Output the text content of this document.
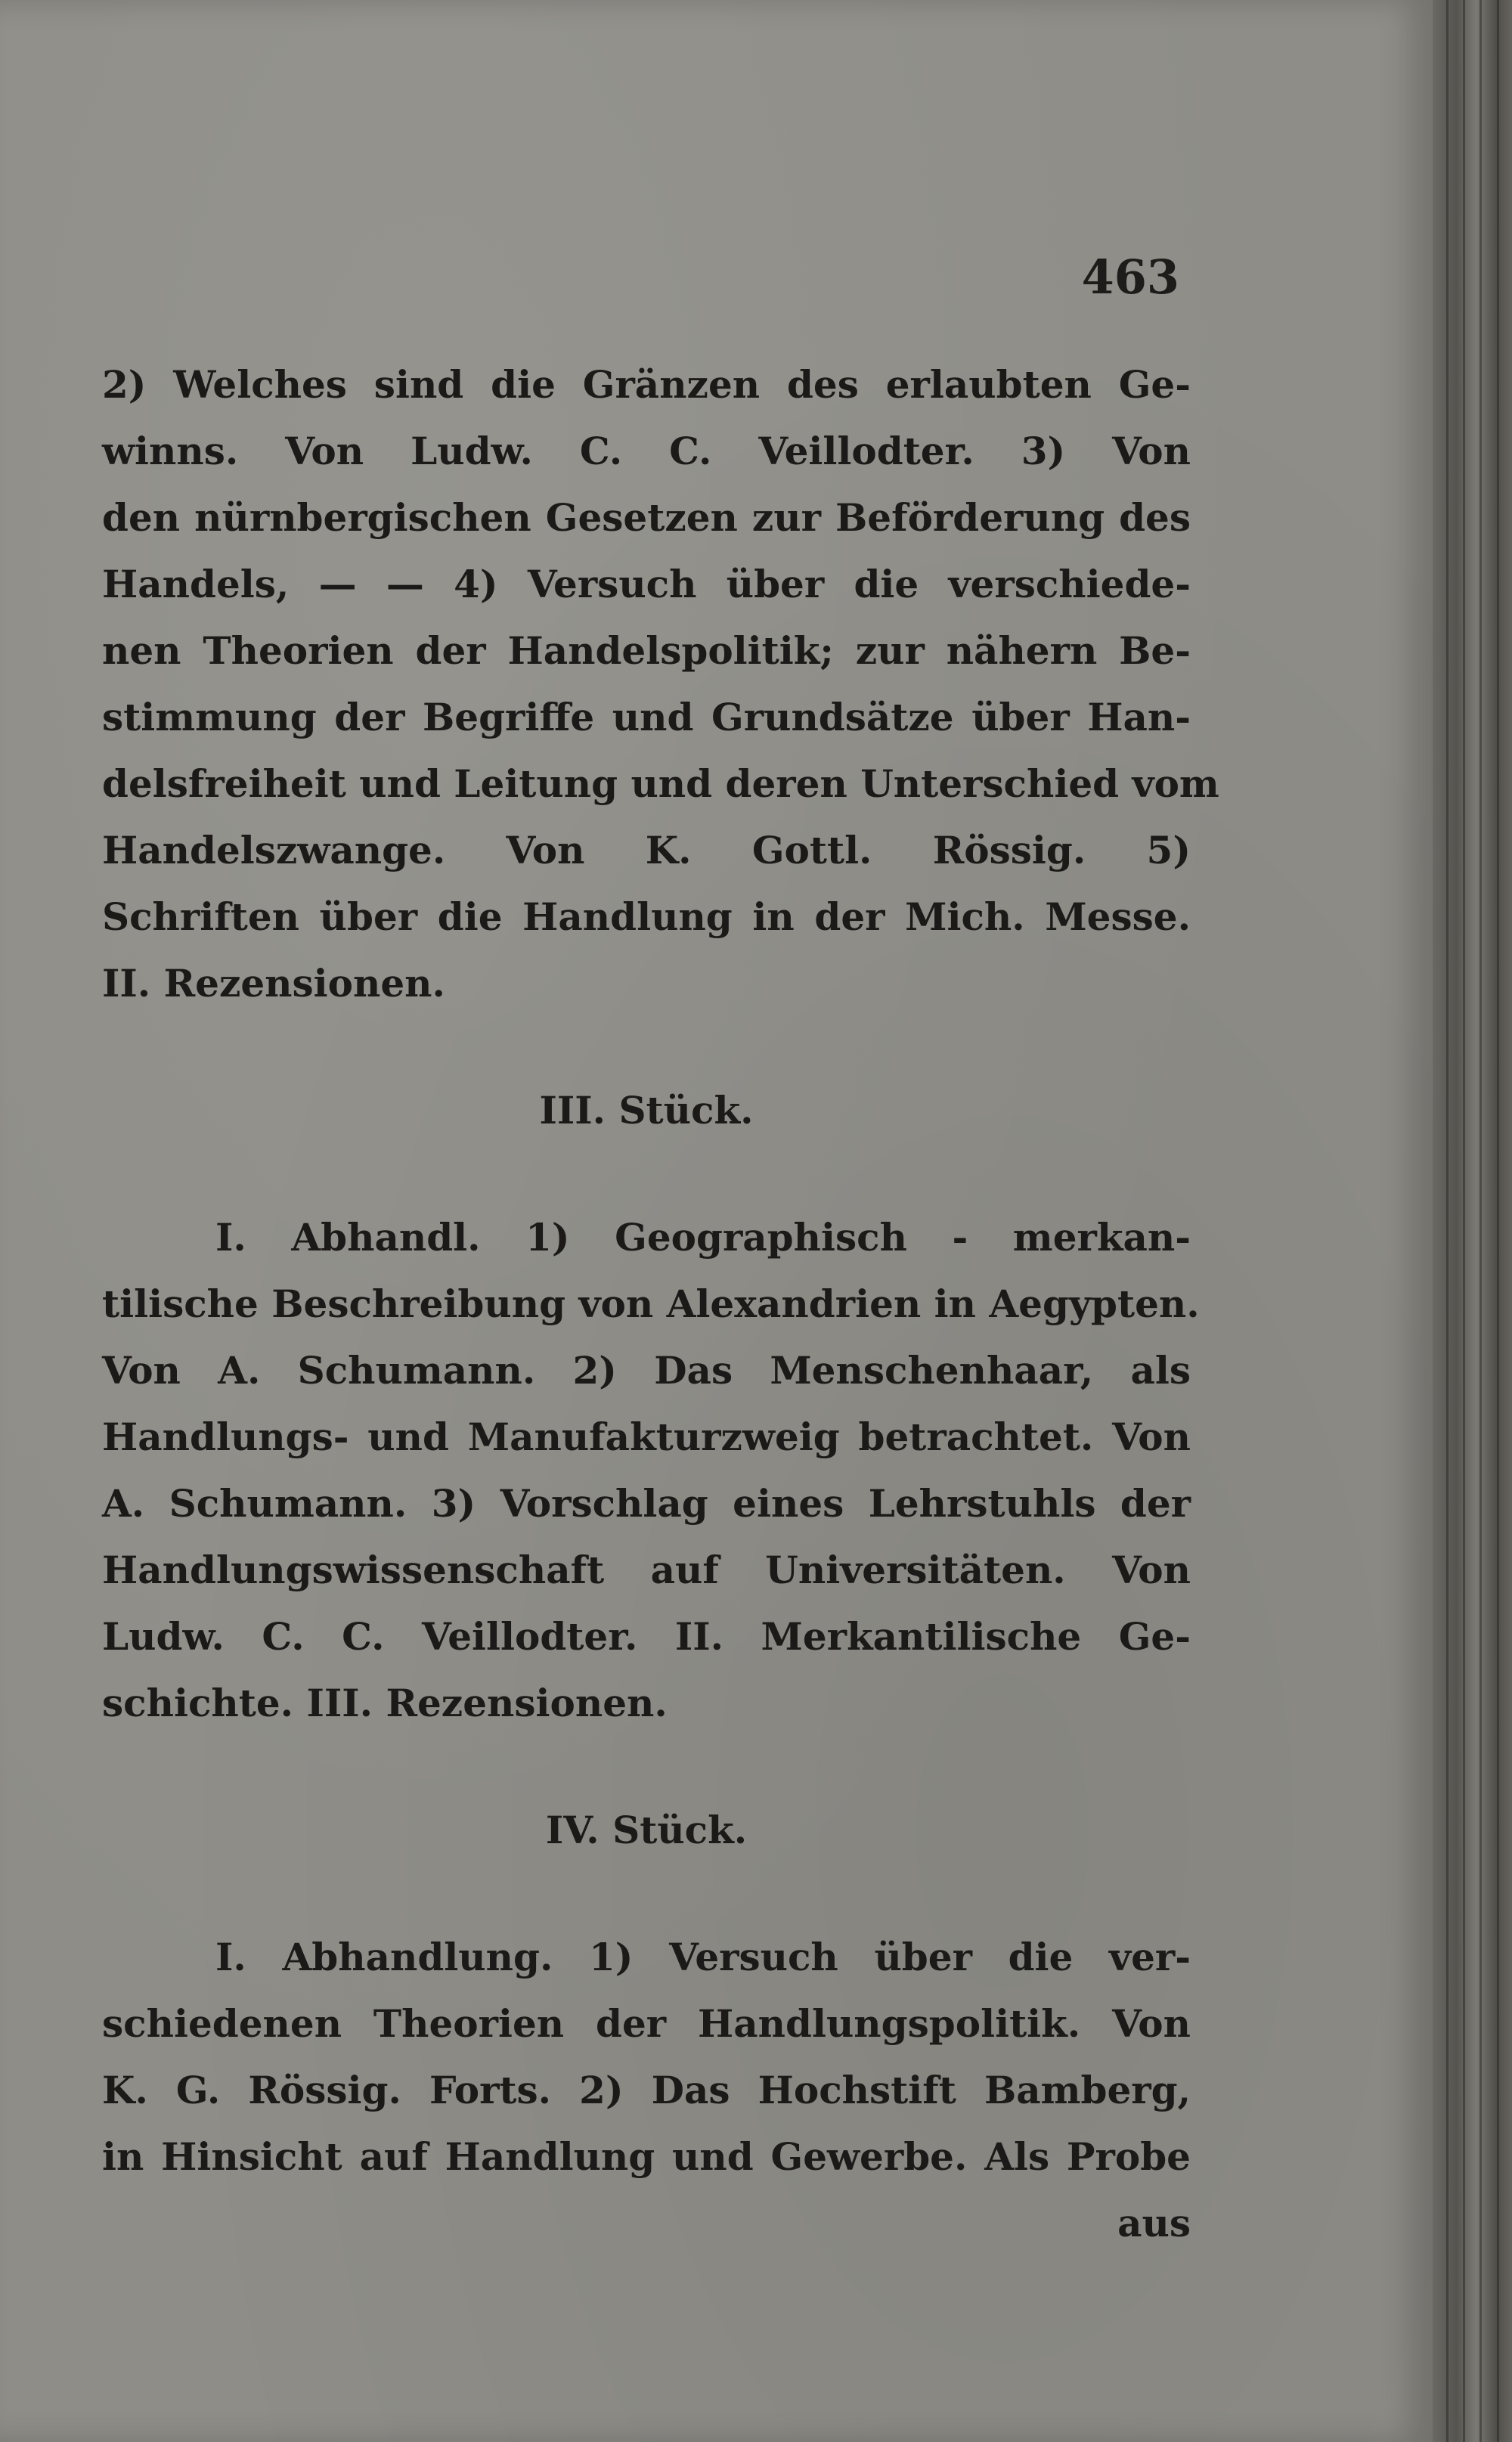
463
2) Welches sind die Gränzen des erlaubten Ge-
winns. Von Ludw. C. C. Veillodter. 3) Von
den nürnbergischen Gesetzen zur Beförderung des
Handels, — — 4) Versuch über die verschiede-
nen Theorien der Handelspolitik; zur nähern Be-
stimmung der Begriffe und Grundsätze über Han-
delsfreiheit und Leitung und deren Unterschied vom
Handelszwange. Von K. Gottl. Rössig. 5)
Schriften über die Handlung in der Mich. Messe.
II. Rezensionen.
III. Stück.
I. Abhandl. 1) Geographisch - merkan-
tilische Beschreibung von Alexandrien in Aegypten.
Von A. Schumann. 2) Das Menschenhaar, als
Handlungs- und Manufakturzweig betrachtet. Von
A. Schumann. 3) Vorschlag eines Lehrstuhls der
Handlungswissenschaft auf Universitäten. Von
Ludw. C. C. Veillodter. II. Merkantilische Ge-
schichte. III. Rezensionen.
IV. Stück.
I. Abhandlung. 1) Versuch über die ver-
schiedenen Theorien der Handlungspolitik. Von
K. G. Rössig. Forts. 2) Das Hochstift Bamberg,
in Hinsicht auf Handlung und Gewerbe. Als Probe
aus
